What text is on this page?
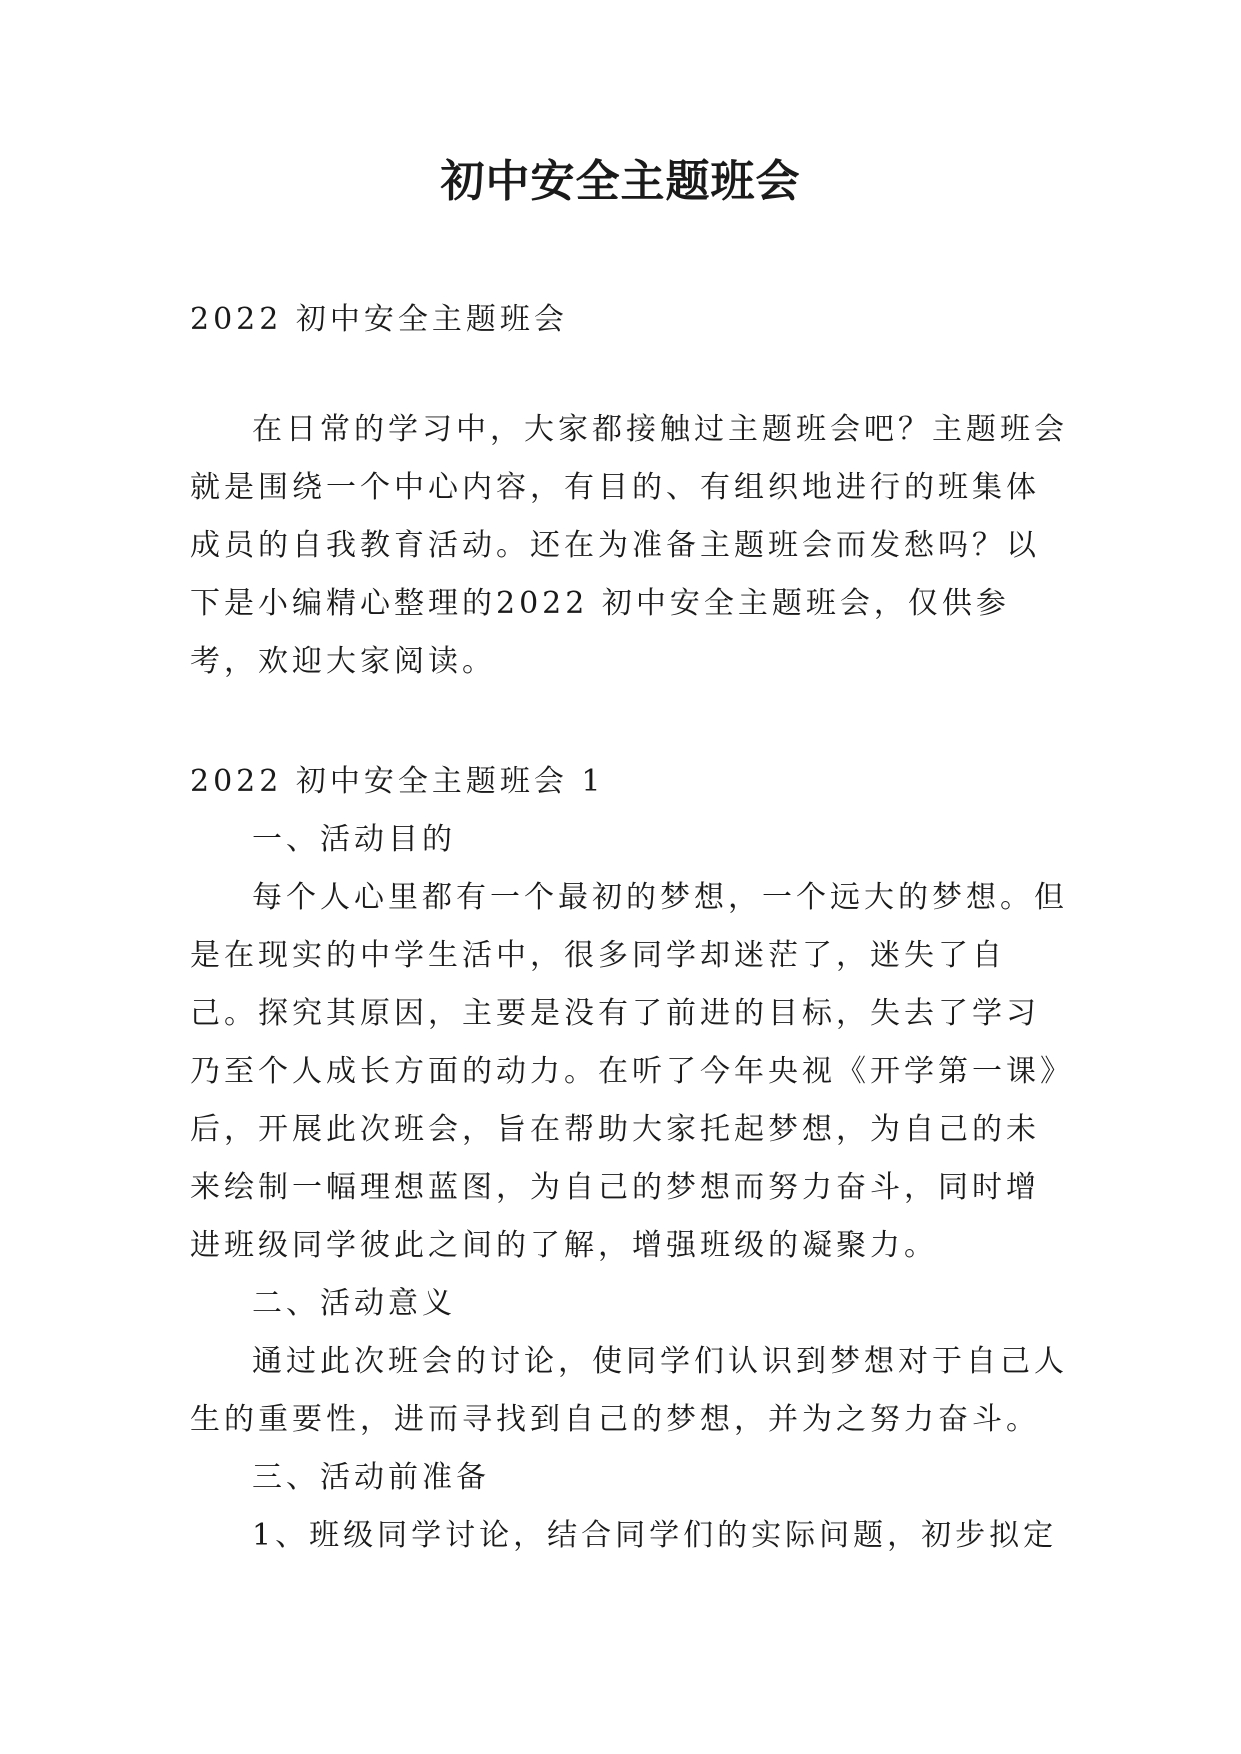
初中安全主题班会
2022 初中安全主题班会

在日常的学习中，大家都接触过主题班会吧？主题班会就是围绕一个中心内容，有目的、有组织地进行的班集体成员的自我教育活动。还在为准备主题班会而发愁吗？以下是小编精心整理的2022 初中安全主题班会，仅供参考，欢迎大家阅读。

2022 初中安全主题班会 1

一、活动目的

每个人心里都有一个最初的梦想，一个远大的梦想。但是在现实的中学生活中，很多同学却迷茫了，迷失了自己。探究其原因，主要是没有了前进的目标，失去了学习乃至个人成长方面的动力。在听了今年央视《开学第一课》后，开展此次班会，旨在帮助大家托起梦想，为自己的未来绘制一幅理想蓝图，为自己的梦想而努力奋斗，同时增进班级同学彼此之间的了解，增强班级的凝聚力。

二、活动意义

通过此次班会的讨论，使同学们认识到梦想对于自己人生的重要性，进而寻找到自己的梦想，并为之努力奋斗。

三、活动前准备

1、班级同学讨论，结合同学们的实际问题，初步拟定
